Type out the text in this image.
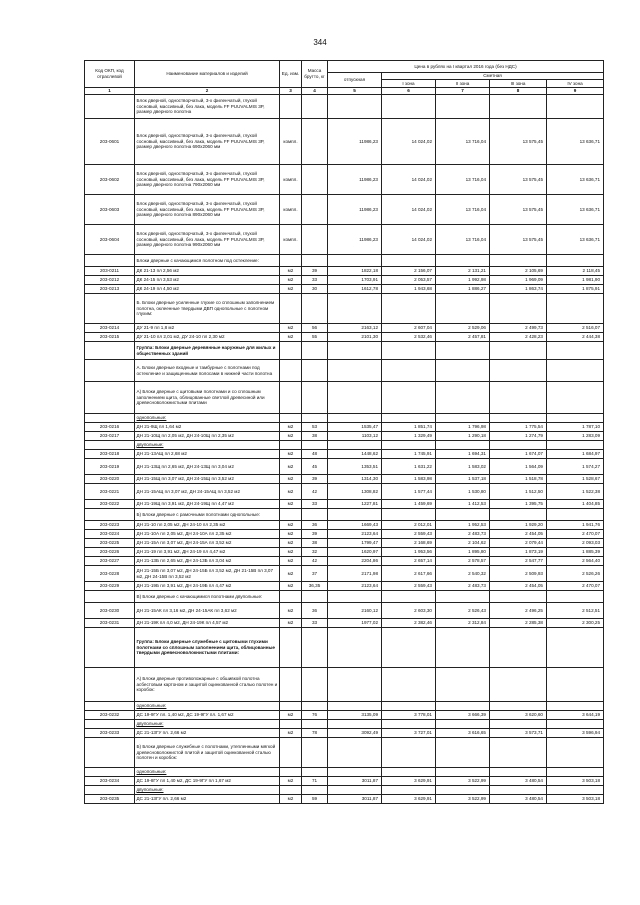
344
Код ОКП, код отраслевой	Наименование материалов и изделий	Ед. изм.	Масса брутто, кг	Цена в рублях на I квартал 2016 года (без НДС)				
				отпускная	Сметная			
					I зона	II зона	III зона	IV зона
1	2	3	4	5	6	7	8	9
	Блок дверной, одностворчатый, 3-х филенчатый, глухой сосновый, массивный, без лака, модель FF PUUVALMIS 3P, размер дверного полотна							
203-0601	Блок дверной, одностворчатый, 3-х филенчатый, глухой сосновый, массивный, без лака, модель FF PUUVALMIS 3P, размер дверного полотна 690х2060 мм	компл.		11986,23	14 024,02	13 716,04	13 575,45	13 636,71
203-0602	Блок дверной, одностворчатый, 3-х филенчатый, глухой сосновый, массивный, без лака, модель FF PUUVALMIS 3P, размер дверного полотна 790х2060 мм	компл.		11986,23	14 024,02	13 716,04	13 575,45	13 636,71
203-0603	Блок дверной, одностворчатый, 3-х филенчатый, глухой сосновый, массивный, без лака, модель FF PUUVALMIS 3P, размер дверного полотна 890х2060 мм	компл.		11986,23	14 024,02	13 716,04	13 575,45	13 636,71
203-0604	Блок дверной, одностворчатый, 3-х филенчатый, глухой сосновый, массивный, без лака, модель FF PUUVALMIS 3P, размер дверного полотна 990х2060 мм	компл.		11986,23	14 024,02	13 716,04	13 575,45	13 636,71
	Блоки дверные с качающимся полотном под остекление:							
203-0211	ДК 21-13 пл 2,56 м2	м2	39	1822,18	2 156,07	2 131,21	2 105,69	2 118,45
203-0212	ДК 24-15 пл 3,53 м2	м2	33	1703,91	2 053,57	1 992,98	1 969,09	1 981,90
203-0213	ДК 24-19 пл 4,50 м2	м2	30	1612,78	1 943,68	1 886,27	1 863,74	1 875,91
	Б. Блоки дверные усиленные глухие со сплошным заполнением полотна, оклеенные твердыми ДВП однопольные с полотном глухим:							
203-0214	ДУ 21-9 пл 1,8 м2	м2	56	2163,12	2 607,04	2 529,06	2 499,73	2 516,07
203-0215	ДУ 21-10 пл 2,01 м2, ДУ 24-10 пл 2,30 м2	м2	55	2101,30	2 532,46	2 457,81	2 428,23	2 444,38
	Группа: Блоки дверные деревянные наружные для жилых и общественных зданий							
	А. Блоки дверные входные и тамбурные с полотнами под остекление и защищенными полосами в нижней части полотна							
	А) Блоки дверные с щитовыми полотнами и со сплошным заполнением щита, облицованные светлой древесиной или древесноволокнистыми плитами							
	однопольные:							
203-0216	ДН 21-9Щ пл 1,64 м2	м2	53	1535,47	1 851,74	1 796,98	1 775,54	1 787,10
203-0217	ДН 21-10Щ пл 2,05 м2, ДН 24-10Щ пл 2,35 м2	м2	38	1103,12	1 329,49	1 290,18	1 274,79	1 283,09
	двупольные:							
203-0218	ДН 21-13АЩ пл 2,68 м2	м2	48	1448,62	1 745,91	1 694,31	1 674,07	1 684,97
203-0219	ДН 21-13Щ пл 2,65 м2, ДН 24-13Щ пл 3,04 м2	м2	45	1353,51	1 631,22	1 583,02	1 564,09	1 574,27
203-0220	ДН 21-15Щ пл 3,07 м2, ДН 24-15Щ пл 3,52 м2	м2	39	1314,30	1 583,98	1 537,18	1 518,78	1 528,67
203-0221	ДН 21-15АЩ пл 3,07 м2, ДН 24-15АЩ пл 3,52 м2	м2	42	1308,82	1 577,44	1 530,80	1 512,50	1 522,38
203-0222	ДН 21-19Щ пл 3,91 м2, ДН 24-19Щ пл 4,47 м2	м2	33	1227,81	1 459,69	1 412,53	1 395,75	1 404,85
	Б) Блоки дверные с рамочными полотнами однопольные:							
203-0223	ДН 21-10 пл 2,05 м2, ДН 24-10 пл 2,35 м2	м2	36	1669,43	2 012,01	1 952,53	1 929,20	1 941,76
203-0224	ДН 21-10А пл 2,05 м2, ДН 24-10А пл 2,35 м2	м2	39	2123,64	2 559,43	2 483,73	2 454,05	2 470,07
203-0225	ДН 21-15А пл 3,07 м2, ДН 24-15А пл 3,52 м2	м2	38	1799,47	2 168,69	2 104,62	2 079,44	2 093,03
203-0226	ДН 21-19 пл 3,91 м2, ДН 24-19 пл 4,47 м2	м2	32	1620,97	1 953,56	1 895,80	1 873,19	1 885,39
203-0227	ДН 21-13Б пл 2,65 м2, ДН 24-13Б пл 3,04 м2	м2	42	2204,86	2 657,14	2 578,57	2 547,77	2 564,40
203-0228	ДН 21-15Б пл 3,07 м2, ДН 24-15Б пл 3,52 м2, ДН 21-15В пл 3,07 м2, ДН 24-15В пл 3,52 м2	м2	37	2171,98	2 617,66	2 540,32	2 509,93	2 526,26
203-0229	ДН 21-19Б пл 3,91 м2, ДН 24-19Б пл 4,47 м2	м2	36,35	2123,64	2 559,43	2 483,73	2 454,05	2 470,07
	В) Блоки дверные с качающимися полотнами двупольные:							
203-0230	ДН 21-15АК пл 3,16 м2, ДН 24-15АК пл 3,62 м2	м2	36	2160,12	2 603,30	2 526,43	2 496,25	2 512,51
203-0231	ДН 21-19К пл 4,0 м2, ДН 24-19К пл 4,57 м2	м2	33	1977,02	2 382,46	2 312,84	2 285,38	2 300,25
	Группа: Блоки дверные служебные с щитовыми глухими полотнами со сплошным заполнением щита, облицованные твердыми древесноволокнистыми плитами:							
	А) Блоки дверные противопожарные с обшивкой полотна асбестовым картоном и защитой оцинкованной сталью полотен и коробок:							
	однопольные:							
203-0232	ДС 19-9ГУ пл. 1,40 м2, ДС 19-9ГУ пл. 1,67 м2	м2	76	3135,09	3 778,01	3 666,39	3 620,60	3 644,19
	двупольные:							
203-0233	ДС 21-13ГУ пл. 2,66 м2	м2	78	3092,49	3 727,01	3 616,65	3 573,71	3 596,94
	Б) Блоки дверные служебные с полотнами, утепленными мягкой древесноволокнистой плитой и защитой оцинкованной сталью полотен и коробок:							
	однопольные:							
203-0234	ДС 19-8ГУ пл 1,40 м2, ДС 19-9ГУ пл 1,67 м2	м2	71	3011,87	3 629,91	3 522,99	3 480,54	3 503,18
	двупольные:							
203-0235	ДС 21-13ГУ пл. 2,66 м2	м2	59	3011,87	3 629,91	3 522,99	3 480,54	3 503,18
